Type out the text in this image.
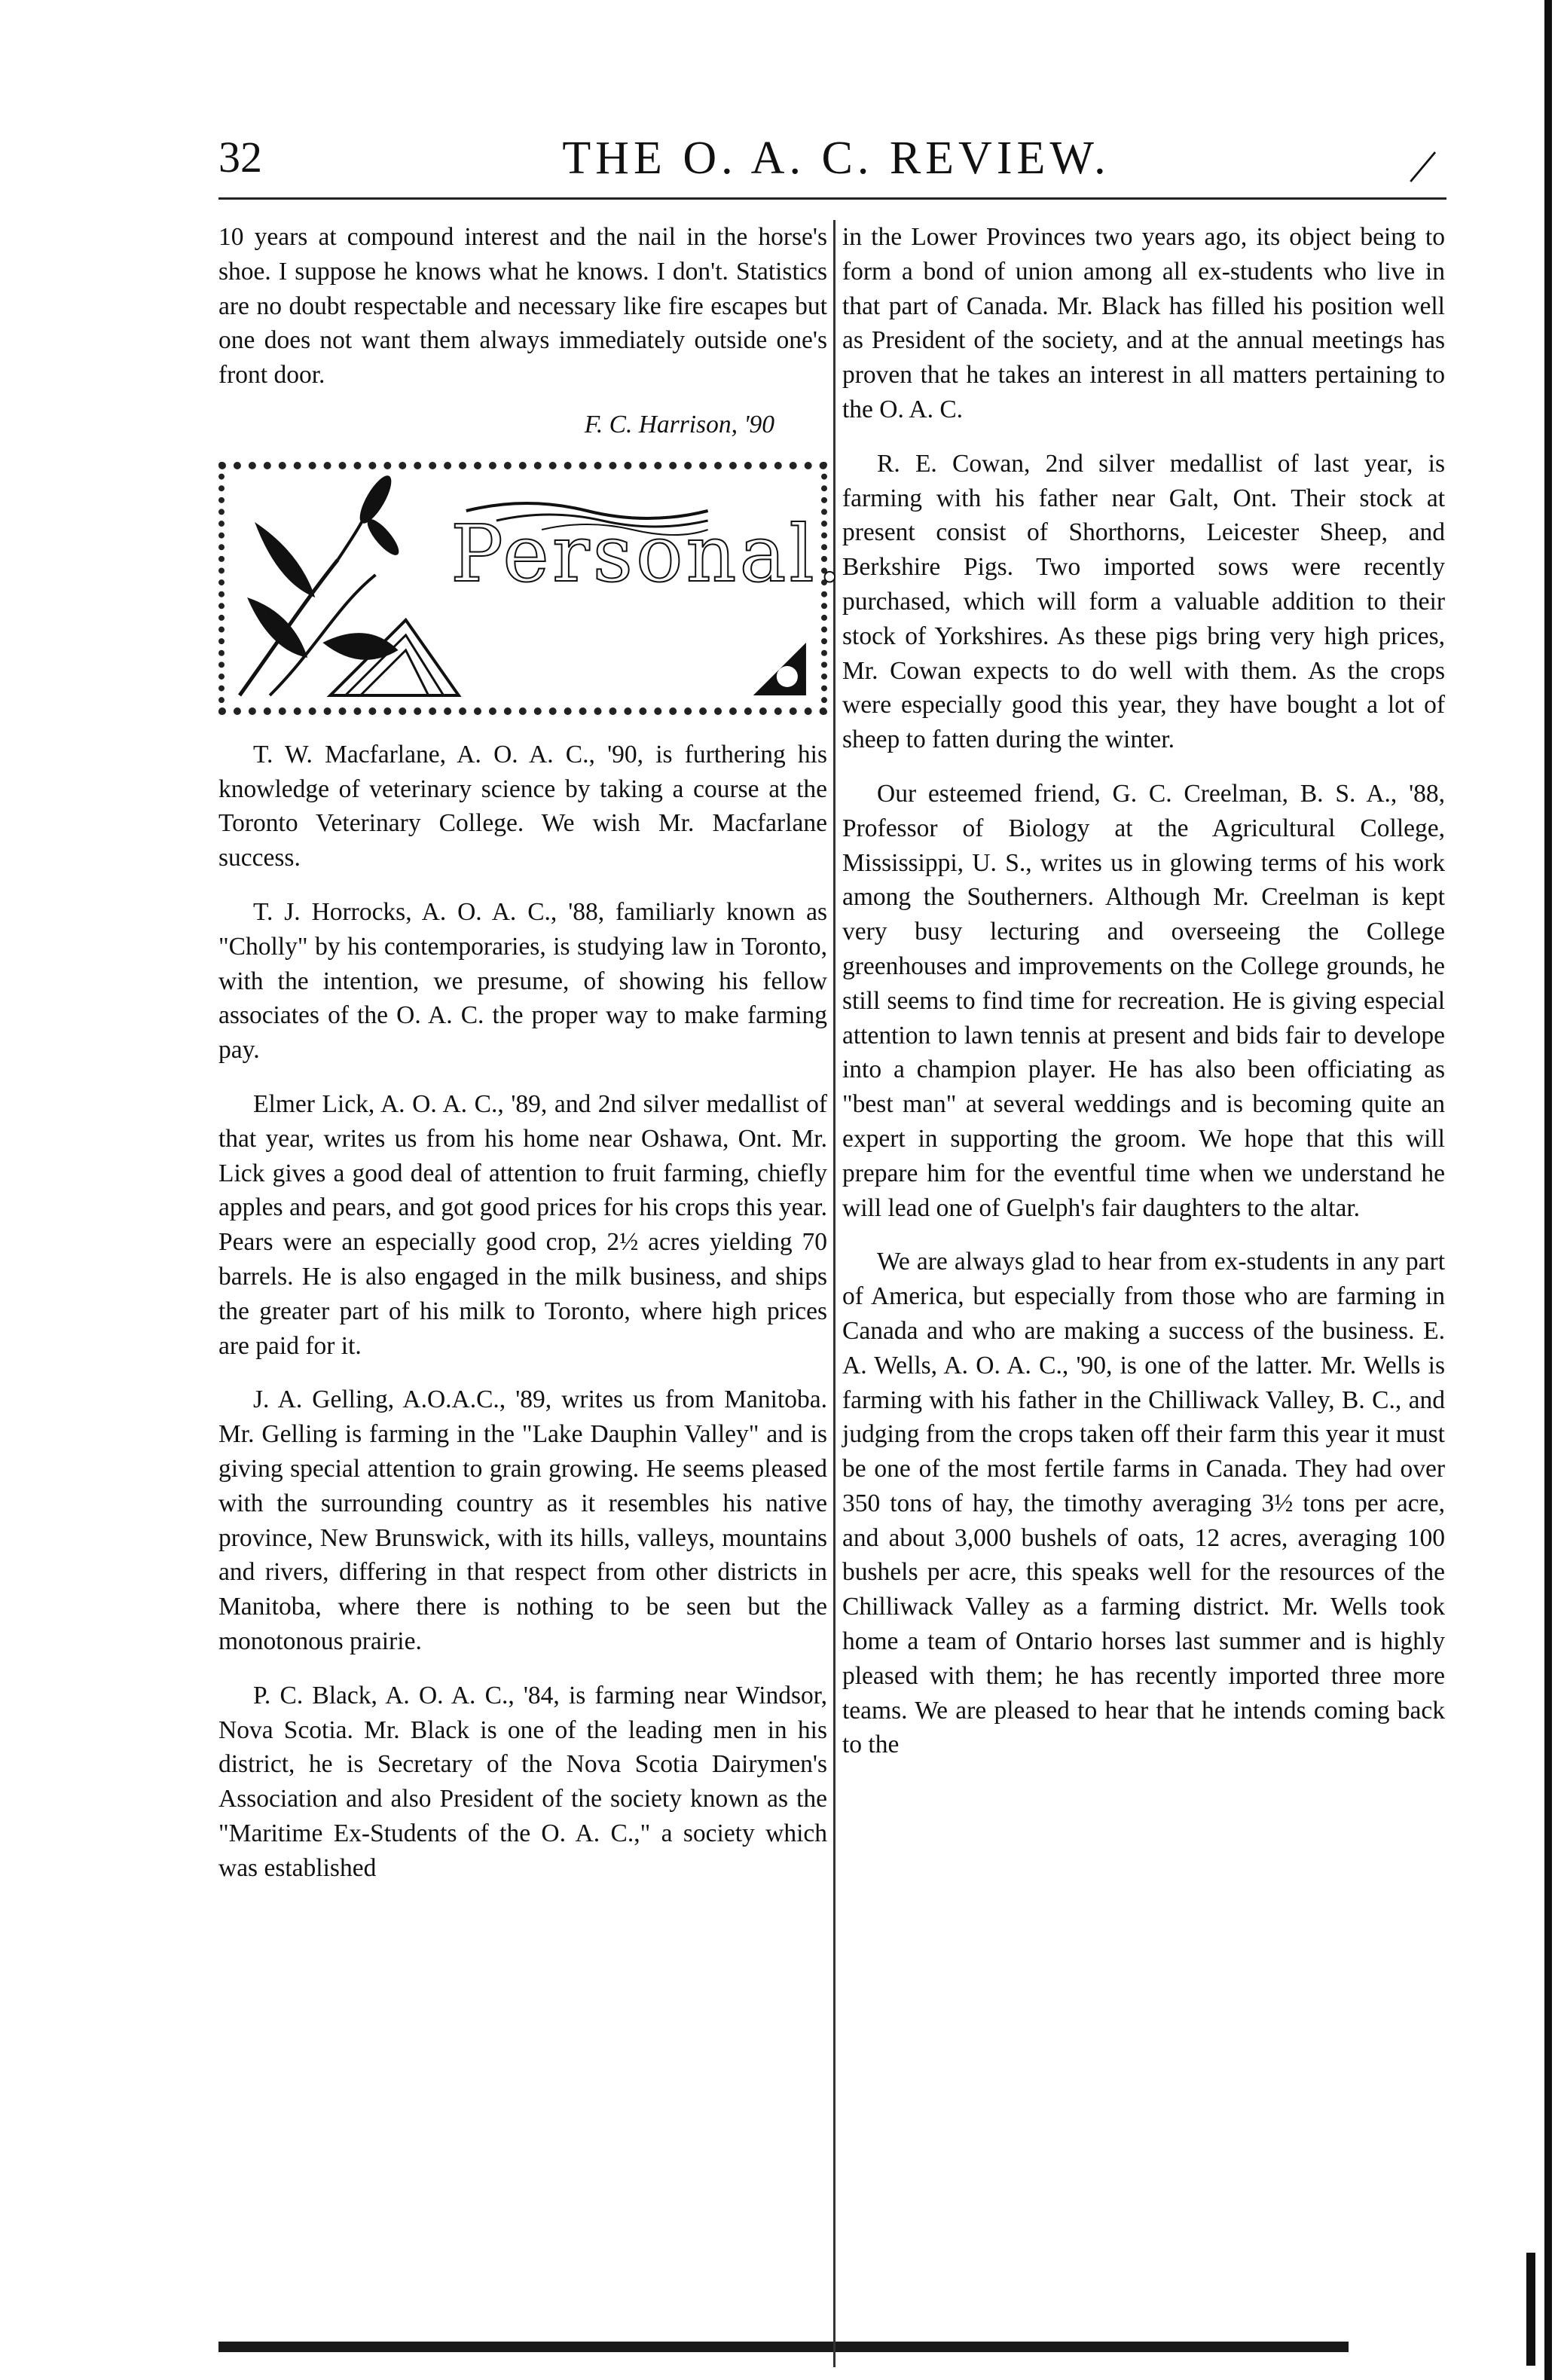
|
32	THE O. A. C. REVIEW.

10 years at compound interest and the nail in the horse's shoe. I suppose he knows what he knows. I don't. Statistics are no doubt respectable and necessary like fire escapes but one does not want them always immediately outside one's front door.

F. C. Harrison, '90
Personal.

T. W. Macfarlane, A. O. A. C., '90, is furthering his knowledge of veterinary science by taking a course at the Toronto Veterinary College. We wish Mr. Macfarlane success.

T. J. Horrocks, A. O. A. C., '88, familiarly known as "Cholly" by his contemporaries, is studying law in Toronto, with the intention, we presume, of showing his fellow associates of the O. A. C. the proper way to make farming pay.

Elmer Lick, A. O. A. C., '89, and 2nd silver medallist of that year, writes us from his home near Oshawa, Ont. Mr. Lick gives a good deal of attention to fruit farming, chiefly apples and pears, and got good prices for his crops this year. Pears were an especially good crop, 2½ acres yielding 70 barrels. He is also engaged in the milk business, and ships the greater part of his milk to Toronto, where high prices are paid for it.

J. A. Gelling, A.O.A.C., '89, writes us from Manitoba. Mr. Gelling is farming in the "Lake Dauphin Valley" and is giving special attention to grain growing. He seems pleased with the surrounding country as it resembles his native province, New Brunswick, with its hills, valleys, mountains and rivers, differing in that respect from other districts in Manitoba, where there is nothing to be seen but the monotonous prairie.

P. C. Black, A. O. A. C., '84, is farming near Windsor, Nova Scotia. Mr. Black is one of the leading men in his district, he is Secretary of the Nova Scotia Dairymen's Association and also President of the society known as the "Maritime Ex-Students of the O. A. C.," a society which was established

in the Lower Provinces two years ago, its object being to form a bond of union among all ex-students who live in that part of Canada. Mr. Black has filled his position well as President of the society, and at the annual meetings has proven that he takes an interest in all matters pertaining to the O. A. C.

R. E. Cowan, 2nd silver medallist of last year, is farming with his father near Galt, Ont. Their stock at present consist of Shorthorns, Leicester Sheep, and Berkshire Pigs. Two imported sows were recently purchased, which will form a valuable addition to their stock of Yorkshires. As these pigs bring very high prices, Mr. Cowan expects to do well with them. As the crops were especially good this year, they have bought a lot of sheep to fatten during the winter.

Our esteemed friend, G. C. Creelman, B. S. A., '88, Professor of Biology at the Agricultural College, Mississippi, U. S., writes us in glowing terms of his work among the Southerners. Although Mr. Creelman is kept very busy lecturing and overseeing the College greenhouses and improvements on the College grounds, he still seems to find time for recreation. He is giving especial attention to lawn tennis at present and bids fair to develope into a champion player. He has also been officiating as "best man" at several weddings and is becoming quite an expert in supporting the groom. We hope that this will prepare him for the eventful time when we understand he will lead one of Guelph's fair daughters to the altar.

We are always glad to hear from ex-students in any part of America, but especially from those who are farming in Canada and who are making a success of the business. E. A. Wells, A. O. A. C., '90, is one of the latter. Mr. Wells is farming with his father in the Chilliwack Valley, B. C., and judging from the crops taken off their farm this year it must be one of the most fertile farms in Canada. They had over 350 tons of hay, the timothy averaging 3½ tons per acre, and about 3,000 bushels of oats, 12 acres, averaging 100 bushels per acre, this speaks well for the resources of the Chilliwack Valley as a farming district. Mr. Wells took home a team of Ontario horses last summer and is highly pleased with them; he has recently imported three more teams. We are pleased to hear that he intends coming back to the
